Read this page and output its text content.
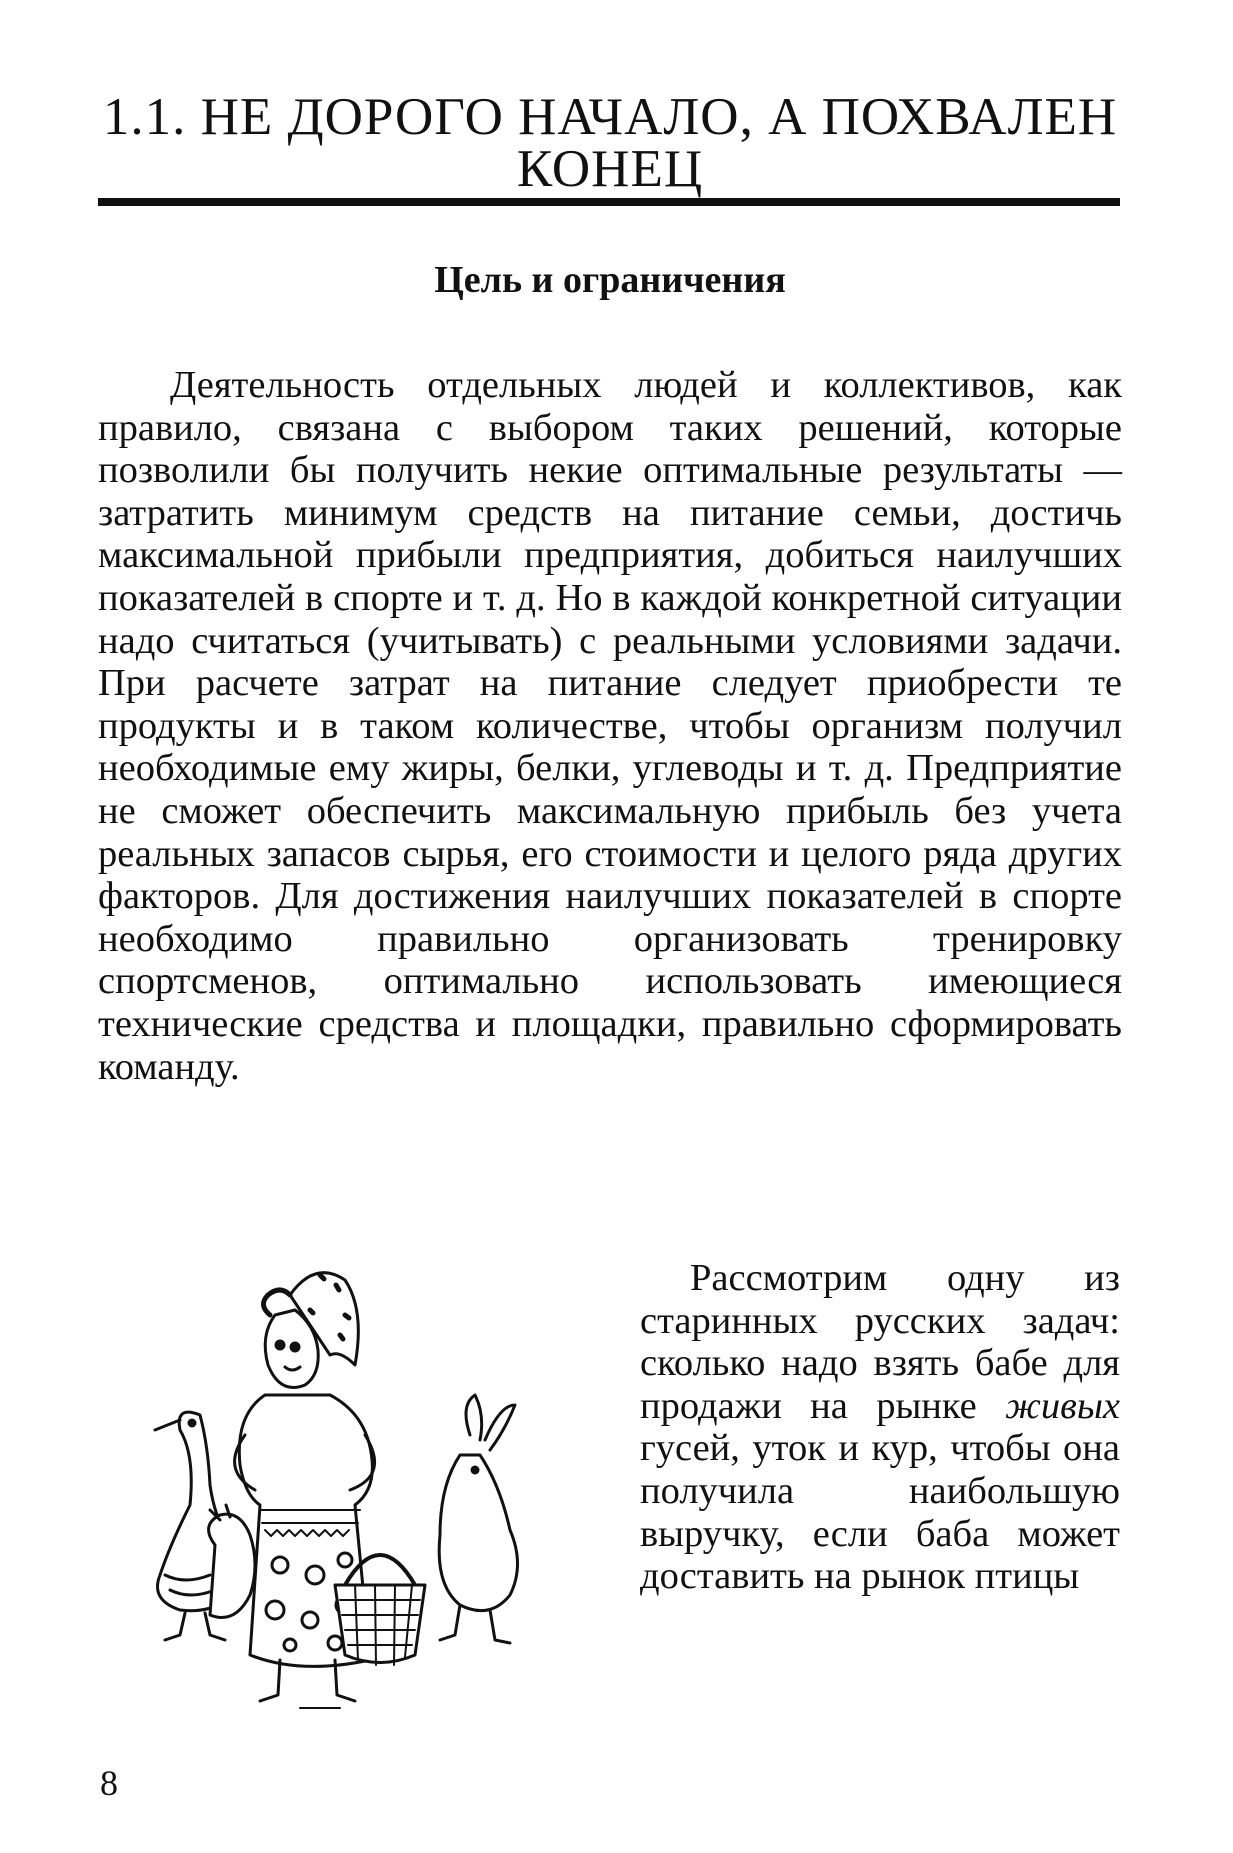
1.1. НЕ ДОРОГО НАЧАЛО, А ПОХВАЛЕН
КОНЕЦ
Цель и ограничения

Деятельность отдельных людей и коллективов, как правило, связана с выбором таких решений, которые позволили бы получить некие оптимальные результаты — затратить минимум средств на питание семьи, достичь максимальной прибыли предприятия, добиться наилучших показателей в спорте и т. д. Но в каждой конкретной ситуации надо считаться (учитывать) с реальными условиями задачи. При расчете затрат на питание следует приобрести те продукты и в таком количестве, чтобы организм получил необходимые ему жиры, белки, углеводы и т. д. Предприятие не сможет обеспечить максимальную прибыль без учета реальных запасов сырья, его стоимости и целого ряда других факторов. Для достижения наилучших показателей в спорте необходимо правильно организовать тренировку спортсменов, оптимально использовать имеющиеся технические средства и площадки, правильно сформировать команду.

Рассмотрим одну из старинных русских задач: сколько надо взять бабе для продажи на рынке живых гусей, уток и кур, чтобы она получила наибольшую выручку, если баба может доставить на рынок птицы

8
